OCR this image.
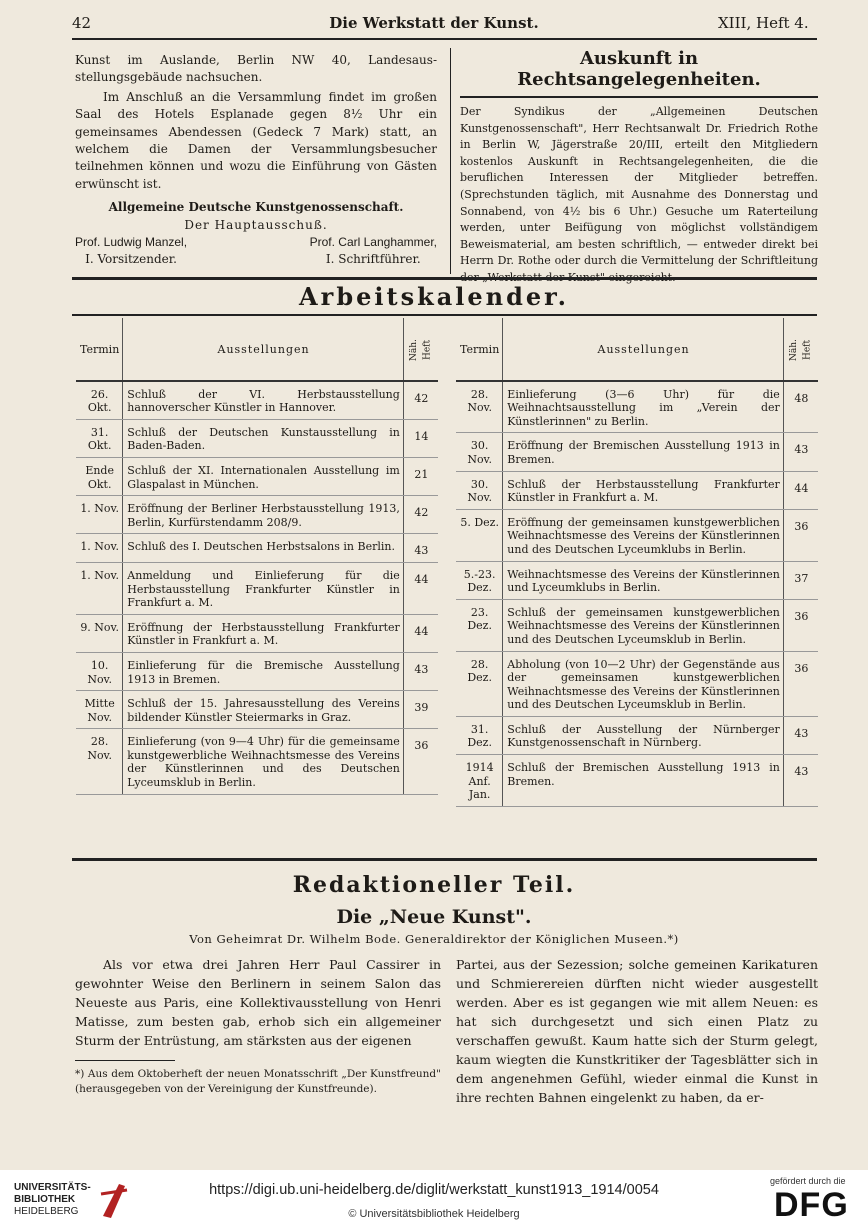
42	Die Werkstatt der Kunst.	XIII, Heft 4.
Kunst im Auslande, Berlin NW 40, Landesaus-stellungsgebäude nachsuchen.
Im Anschluß an die Versammlung findet im großen Saal des Hotels Esplanade gegen 8½ Uhr ein gemeinsames Abendessen (Gedeck 7 Mark) statt, an welchem die Damen der Versammlungsbesucher teilnehmen können und wozu die Einführung von Gästen erwünscht ist.
Allgemeine Deutsche Kunstgenossenschaft.
Der Hauptausschuß.
Prof. Ludwig Manzel,
I. Vorsitzender.
Prof. Carl Langhammer,
I. Schriftführer.
Auskunft in Rechtsangelegenheiten.
Der Syndikus der „Allgemeinen Deutschen Kunstgenossenschaft", Herr Rechtsanwalt Dr. Friedrich Rothe in Berlin W, Jägerstraße 20/III, erteilt den Mitgliedern kostenlos Auskunft in Rechtsangelegenheiten, die die beruflichen Interessen der Mitglieder betreffen. (Sprechstunden täglich, mit Ausnahme des Donnerstag und Sonnabend, von 4½ bis 6 Uhr.) Gesuche um Raterteilung werden, unter Beifügung von möglichst vollständigem Beweismaterial, am besten schriftlich, — entweder direkt bei Herrn Dr. Rothe oder durch die Vermittelung der Schriftleitung
Arbeitskalender.
Termin	Ausstellungen	Näh. Heft
26. Okt.	Schluß der VI. Herbstausstellung hannoverscher Künstler in Hannover.	42
31. Okt.	Schluß der Deutschen Kunstausstellung in Baden-Baden.	14
Ende Okt.	Schluß der XI. Internationalen Ausstellung im Glaspalast in München.	21
1. Nov.	Eröffnung der Berliner Herbstausstellung 1913, Berlin, Kurfürstendamm 208/9.	42
1. Nov.	Schluß des I. Deutschen Herbstsalons in Berlin.	43
1. Nov.	Anmeldung und Einlieferung für die Herbstausstellung Frankfurter Künstler in Frankfurt a. M.	44
9. Nov.	Eröffnung der Herbstausstellung Frankfurter Künstler in Frankfurt a. M.	44
10. Nov.	Einlieferung für die Bremische Ausstellung 1913 in Bremen.	43
Mitte Nov.	Schluß der 15. Jahresausstellung des Vereins bildender Künstler Steiermarks in Graz.	39
28. Nov.	Einlieferung (von 9—4 Uhr) für die gemeinsame kunstgewerbliche Weihnachtsmesse des Vereins der Künstlerinnen und des Deutschen Lyceumsklub in Berlin.	36
Termin	Ausstellungen	Näh. Heft
28. Nov.	Einlieferung (3—6 Uhr) für die Weihnachtsausstellung im „Verein der Künstlerinnen" zu Berlin.	48
30. Nov.	Eröffnung der Bremischen Ausstellung 1913 in Bremen.	43
30. Nov.	Schluß der Herbstausstellung Frankfurter Künstler in Frankfurt a. M.	44
5. Dez.	Eröffnung der gemeinsamen kunstgewerblichen Weihnachtsmesse des Vereins der Künstlerinnen und des Deutschen Lyceumklubs in Berlin.	36
5.-23. Dez.	Weihnachtsmesse des Vereins der Künstlerinnen und Lyceumklubs in Berlin.	37
23. Dez.	Schluß der gemeinsamen kunstgewerblichen Weihnachtsmesse des Vereins der Künstlerinnen und des Deutschen Lyceumsklub in Berlin.	36
28. Dez.	Abholung (von 10—2 Uhr) der Gegenstände aus der gemeinsamen kunstgewerblichen Weihnachtsmesse des Vereins der Künstlerinnen und des Deutschen Lyceumsklub in Berlin.	36
31. Dez.	Schluß der Ausstellung der Nürnberger Kunstgenossenschaft in Nürnberg.	43
1914 Anf. Jan.	Schluß der Bremischen Ausstellung 1913 in Bremen.	43
Redaktioneller Teil.
Die „Neue Kunst".
Von Geheimrat Dr. Wilhelm Bode. Generaldirektor der Königlichen Museen.*)
Als vor etwa drei Jahren Herr Paul Cassirer in gewohnter Weise den Berlinern in seinem Salon das Neueste aus Paris, eine Kollektivausstellung von Henri Matisse, zum besten gab, erhob sich ein allgemeiner Sturm der Entrüstung, am stärksten aus der eigenen
*) Aus dem Oktoberheft der neuen Monatsschrift „Der Kunstfreund" (herausgegeben von der Vereinigung der Kunstfreunde).
Partei, aus der Sezession; solche gemeinen Karikaturen und Schmierereien dürften nicht wieder ausgestellt werden. Aber es ist gegangen wie mit allem Neuen: es hat sich durchgesetzt und sich einen Platz zu verschaffen gewußt. Kaum hatte sich der Sturm gelegt, kaum wiegten die Kunstkritiker der Tagesblätter sich in dem angenehmen Gefühl, wieder einmal die Kunst in ihre rechten Bahnen eingelenkt zu haben, da er-
UNIVERSITÄTS-
BIBLIOTHEK
HEIDELBERG
https://digi.ub.uni-heidelberg.de/diglit/werkstatt_kunst1913_1914/0054
© Universitätsbibliothek Heidelberg
gefördert durch die
DFG
